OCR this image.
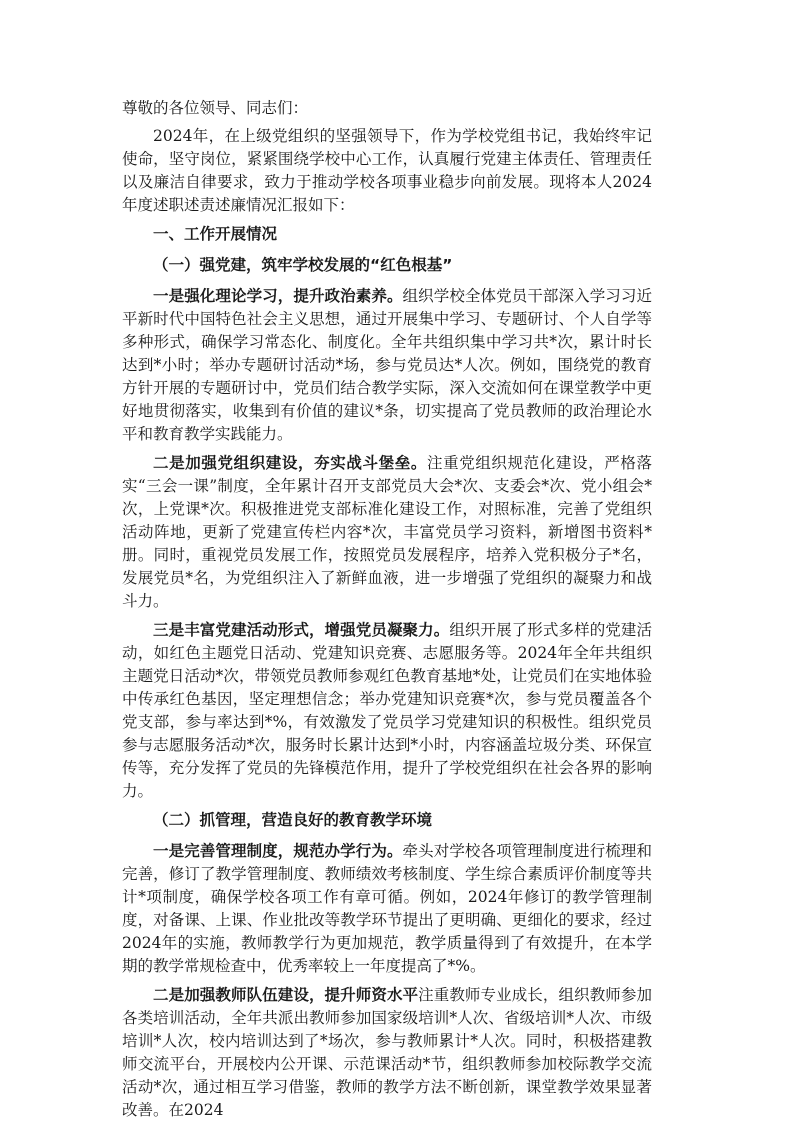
尊敬的各位领导、同志们：

2024年，在上级党组织的坚强领导下，作为学校党组书记，我始终牢记使命，坚守岗位，紧紧围绕学校中心工作，认真履行党建主体责任、管理责任以及廉洁自律要求，致力于推动学校各项事业稳步向前发展。现将本人2024年度述职述责述廉情况汇报如下：

一、工作开展情况

（一）强党建，筑牢学校发展的“红色根基”

一是强化理论学习，提升政治素养。组织学校全体党员干部深入学习习近平新时代中国特色社会主义思想，通过开展集中学习、专题研讨、个人自学等多种形式，确保学习常态化、制度化。全年共组织集中学习共*次，累计时长达到*小时；举办专题研讨活动*场，参与党员达*人次。例如，围绕党的教育方针开展的专题研讨中，党员们结合教学实际，深入交流如何在课堂教学中更好地贯彻落实，收集到有价值的建议*条，切实提高了党员教师的政治理论水平和教育教学实践能力。

二是加强党组织建设，夯实战斗堡垒。注重党组织规范化建设，严格落实“三会一课”制度，全年累计召开支部党员大会*次、支委会*次、党小组会*次，上党课*次。积极推进党支部标准化建设工作，对照标准，完善了党组织活动阵地，更新了党建宣传栏内容*次，丰富党员学习资料，新增图书资料*册。同时，重视党员发展工作，按照党员发展程序，培养入党积极分子*名，发展党员*名，为党组织注入了新鲜血液，进一步增强了党组织的凝聚力和战斗力。

三是丰富党建活动形式，增强党员凝聚力。组织开展了形式多样的党建活动，如红色主题党日活动、党建知识竞赛、志愿服务等。2024年全年共组织主题党日活动*次，带领党员教师参观红色教育基地*处，让党员们在实地体验中传承红色基因，坚定理想信念；举办党建知识竞赛*次，参与党员覆盖各个党支部，参与率达到*%，有效激发了党员学习党建知识的积极性。组织党员参与志愿服务活动*次，服务时长累计达到*小时，内容涵盖垃圾分类、环保宣传等，充分发挥了党员的先锋模范作用，提升了学校党组织在社会各界的影响力。

（二）抓管理，营造良好的教育教学环境

一是完善管理制度，规范办学行为。牵头对学校各项管理制度进行梳理和完善，修订了教学管理制度、教师绩效考核制度、学生综合素质评价制度等共计*项制度，确保学校各项工作有章可循。例如，2024年修订的教学管理制度，对备课、上课、作业批改等教学环节提出了更明确、更细化的要求，经过2024年的实施，教师教学行为更加规范，教学质量得到了有效提升，在本学期的教学常规检查中，优秀率较上一年度提高了*%。

二是加强教师队伍建设，提升师资水平注重教师专业成长，组织教师参加各类培训活动，全年共派出教师参加国家级培训*人次、省级培训*人次、市级培训*人次，校内培训达到了*场次，参与教师累计*人次。同时，积极搭建教师交流平台，开展校内公开课、示范课活动*节，组织教师参加校际教学交流活动*次，通过相互学习借鉴，教师的教学方法不断创新，课堂教学效果显著改善。在2024
